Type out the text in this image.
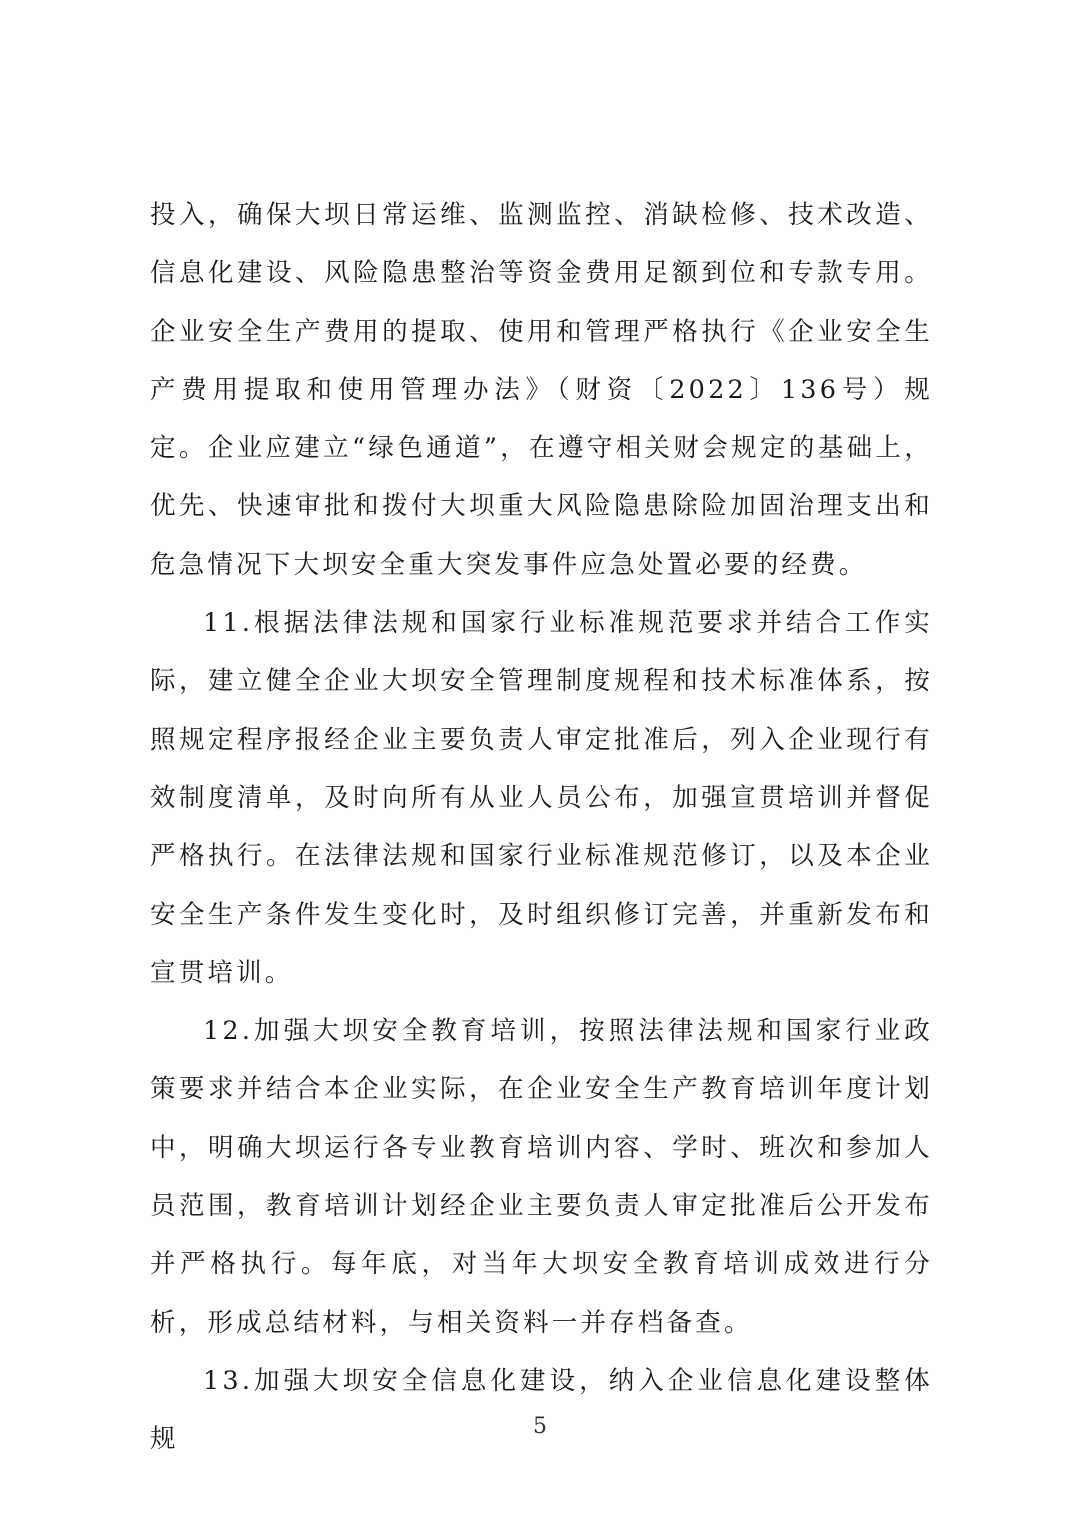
投入，确保大坝日常运维、监测监控、消缺检修、技术改造、信息化建设、风险隐患整治等资金费用足额到位和专款专用。企业安全生产费用的提取、使用和管理严格执行《企业安全生产费用提取和使用管理办法》（财资〔2022〕136号）规定。企业应建立“绿色通道”，在遵守相关财会规定的基础上，优先、快速审批和拨付大坝重大风险隐患除险加固治理支出和危急情况下大坝安全重大突发事件应急处置必要的经费。

11.根据法律法规和国家行业标准规范要求并结合工作实际，建立健全企业大坝安全管理制度规程和技术标准体系，按照规定程序报经企业主要负责人审定批准后，列入企业现行有效制度清单，及时向所有从业人员公布，加强宣贯培训并督促严格执行。在法律法规和国家行业标准规范修订，以及本企业安全生产条件发生变化时，及时组织修订完善，并重新发布和宣贯培训。

12.加强大坝安全教育培训，按照法律法规和国家行业政策要求并结合本企业实际，在企业安全生产教育培训年度计划中，明确大坝运行各专业教育培训内容、学时、班次和参加人员范围，教育培训计划经企业主要负责人审定批准后公开发布并严格执行。每年底，对当年大坝安全教育培训成效进行分析，形成总结材料，与相关资料一并存档备查。

13.加强大坝安全信息化建设，纳入企业信息化建设整体规	5
